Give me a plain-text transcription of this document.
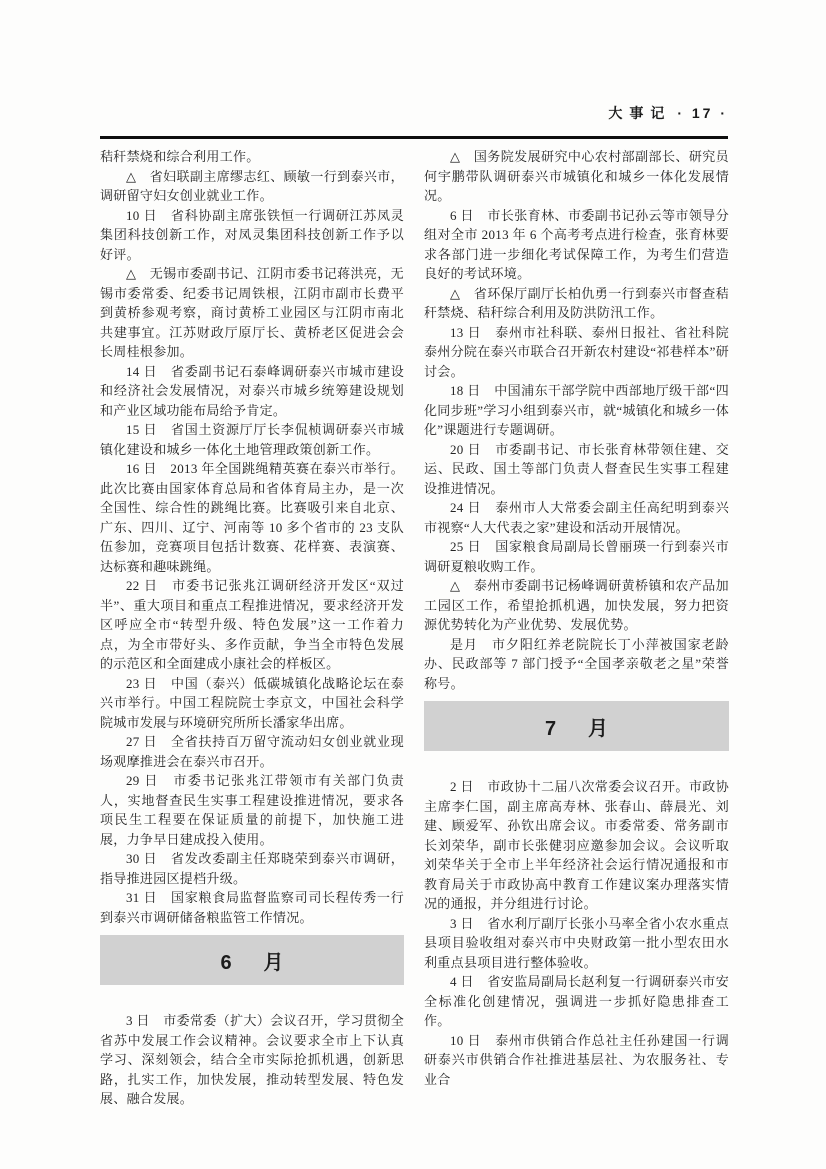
大事记 · 17 ·

秸秆禁烧和综合利用工作。

△　省妇联副主席缪志红、顾敏一行到泰兴市，调研留守妇女创业就业工作。

10 日　省科协副主席张铁恒一行调研江苏凤灵集团科技创新工作，对凤灵集团科技创新工作予以好评。

△　无锡市委副书记、江阴市委书记蒋洪亮，无锡市委常委、纪委书记周铁根，江阴市副市长费平到黄桥参观考察，商讨黄桥工业园区与江阴市南北共建事宜。江苏财政厅原厅长、黄桥老区促进会会长周桂根参加。

14 日　省委副书记石泰峰调研泰兴市城市建设和经济社会发展情况，对泰兴市城乡统筹建设规划和产业区域功能布局给予肯定。

15 日　省国土资源厅厅长李侃桢调研泰兴市城镇化建设和城乡一体化土地管理政策创新工作。

16 日　2013 年全国跳绳精英赛在泰兴市举行。此次比赛由国家体育总局和省体育局主办，是一次全国性、综合性的跳绳比赛。比赛吸引来自北京、广东、四川、辽宁、河南等 10 多个省市的 23 支队伍参加，竞赛项目包括计数赛、花样赛、表演赛、达标赛和趣味跳绳。

22 日　市委书记张兆江调研经济开发区“双过半”、重大项目和重点工程推进情况，要求经济开发区呼应全市“转型升级、特色发展”这一工作着力点，为全市带好头、多作贡献，争当全市特色发展的示范区和全面建成小康社会的样板区。

23 日　中国（泰兴）低碳城镇化战略论坛在泰兴市举行。中国工程院院士李京文，中国社会科学院城市发展与环境研究所所长潘家华出席。

27 日　全省扶持百万留守流动妇女创业就业现场观摩推进会在泰兴市召开。

29 日　市委书记张兆江带领市有关部门负责人，实地督查民生实事工程建设推进情况，要求各项民生工程要在保证质量的前提下，加快施工进展，力争早日建成投入使用。

30 日　省发改委副主任郑晓荣到泰兴市调研，指导推进园区提档升级。

31 日　国家粮食局监督监察司司长程传秀一行到泰兴市调研储备粮监管工作情况。

6　月

3 日　市委常委（扩大）会议召开，学习贯彻全省苏中发展工作会议精神。会议要求全市上下认真学习、深刻领会，结合全市实际抢抓机遇，创新思路，扎实工作，加快发展，推动转型发展、特色发展、融合发展。

△　国务院发展研究中心农村部副部长、研究员何宇鹏带队调研泰兴市城镇化和城乡一体化发展情况。

6 日　市长张育林、市委副书记孙云等市领导分组对全市 2013 年 6 个高考考点进行检查，张育林要求各部门进一步细化考试保障工作，为考生们营造良好的考试环境。

△　省环保厅副厅长柏仇勇一行到泰兴市督查秸秆禁烧、秸秆综合利用及防洪防汛工作。

13 日　泰州市社科联、泰州日报社、省社科院泰州分院在泰兴市联合召开新农村建设“祁巷样本”研讨会。

18 日　中国浦东干部学院中西部地厅级干部“四化同步班”学习小组到泰兴市，就“城镇化和城乡一体化”课题进行专题调研。

20 日　市委副书记、市长张育林带领住建、交运、民政、国土等部门负责人督查民生实事工程建设推进情况。

24 日　泰州市人大常委会副主任高纪明到泰兴市视察“人大代表之家”建设和活动开展情况。

25 日　国家粮食局副局长曾丽瑛一行到泰兴市调研夏粮收购工作。

△　泰州市委副书记杨峰调研黄桥镇和农产品加工园区工作，希望抢抓机遇，加快发展，努力把资源优势转化为产业优势、发展优势。

是月　市夕阳红养老院院长丁小萍被国家老龄办、民政部等 7 部门授予“全国孝亲敬老之星”荣誉称号。

7　月

2 日　市政协十二届八次常委会议召开。市政协主席李仁国，副主席高寿林、张春山、薛晨光、刘建、顾爱军、孙钦出席会议。市委常委、常务副市长刘荣华，副市长张健羽应邀参加会议。会议听取刘荣华关于全市上半年经济社会运行情况通报和市教育局关于市政协高中教育工作建议案办理落实情况的通报，并分组进行讨论。

3 日　省水利厅副厅长张小马率全省小农水重点县项目验收组对泰兴市中央财政第一批小型农田水利重点县项目进行整体验收。

4 日　省安监局副局长赵利复一行调研泰兴市安全标准化创建情况，强调进一步抓好隐患排查工作。

10 日　泰州市供销合作总社主任孙建国一行调研泰兴市供销合作社推进基层社、为农服务社、专业合
